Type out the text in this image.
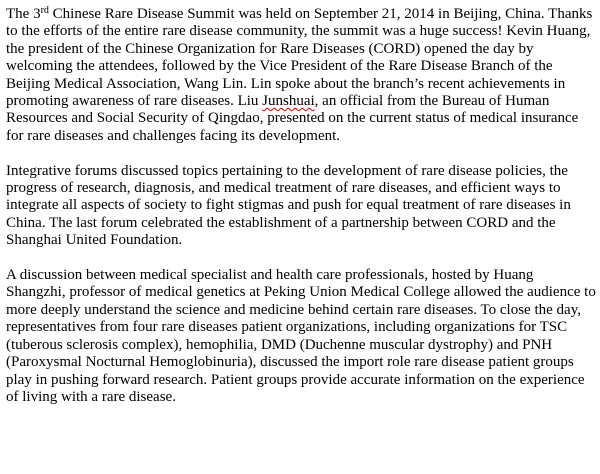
The 3rd Chinese Rare Disease Summit was held on September 21, 2014 in Beijing, China. Thanks to the efforts of the entire rare disease community, the summit was a huge success! Kevin Huang, the president of the Chinese Organization for Rare Diseases (CORD) opened the day by welcoming the attendees, followed by the Vice President of the Rare Disease Branch of the Beijing Medical Association, Wang Lin. Lin spoke about the branch’s recent achievements in promoting awareness of rare diseases. Liu Junshuai, an official from the Bureau of Human Resources and Social Security of Qingdao, presented on the current status of medical insurance for rare diseases and challenges facing its development.

Integrative forums discussed topics pertaining to the development of rare disease policies, the progress of research, diagnosis, and medical treatment of rare diseases, and efficient ways to integrate all aspects of society to fight stigmas and push for equal treatment of rare diseases in China. The last forum celebrated the establishment of a partnership between CORD and the Shanghai United Foundation.

A discussion between medical specialist and health care professionals, hosted by Huang Shangzhi, professor of medical genetics at Peking Union Medical College allowed the audience to more deeply understand the science and medicine behind certain rare diseases. To close the day, representatives from four rare diseases patient organizations, including organizations for TSC (tuberous sclerosis complex), hemophilia, DMD (Duchenne muscular dystrophy) and PNH (Paroxysmal Nocturnal Hemoglobinuria), discussed the import role rare disease patient groups play in pushing forward research. Patient groups provide accurate information on the experience of living with a rare disease.
